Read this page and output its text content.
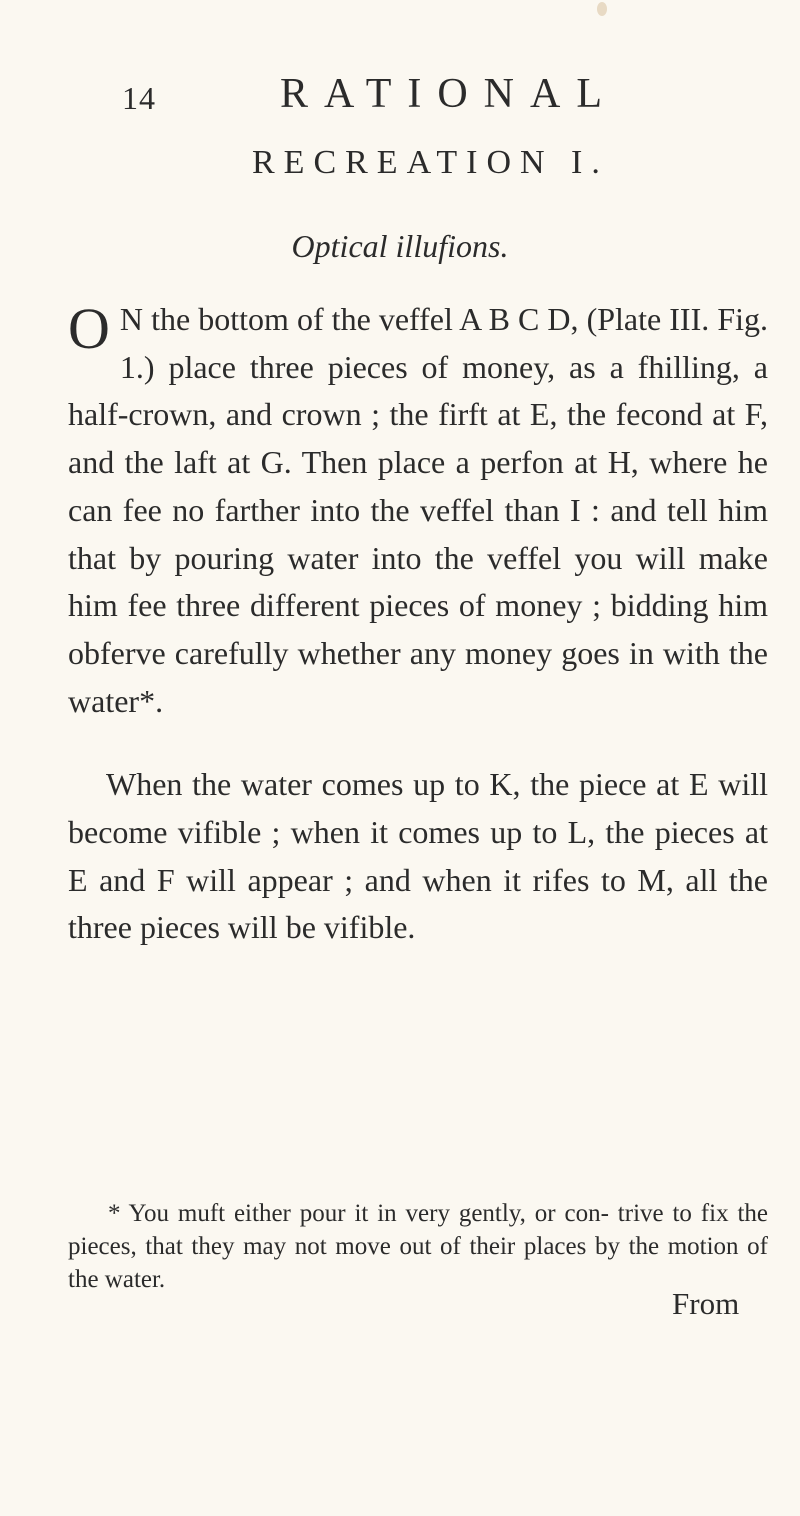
14	RATIONAL
RECREATION I.
Optical illufions.

O N the bottom of the veffel A B C D, (Plate III. Fig. 1.) place three pieces of money, as a fhilling, a half-crown, and crown ; the firft at E, the fecond at F, and the laft at G. Then place a perfon at H, where he can fee no farther into the veffel than I : and tell him that by pouring water into the veffel you will make him fee three different pieces of money ; bidding him obferve carefully whether any money goes in with the water*.

When the water comes up to K, the piece at E will become vifible ; when it comes up to L, the pieces at E and F will appear ; and when it rifes to M, all the three pieces will be vifible.

* You muft either pour it in very gently, or con- trive to fix the pieces, that they may not move out of their places by the motion of the water.
From
